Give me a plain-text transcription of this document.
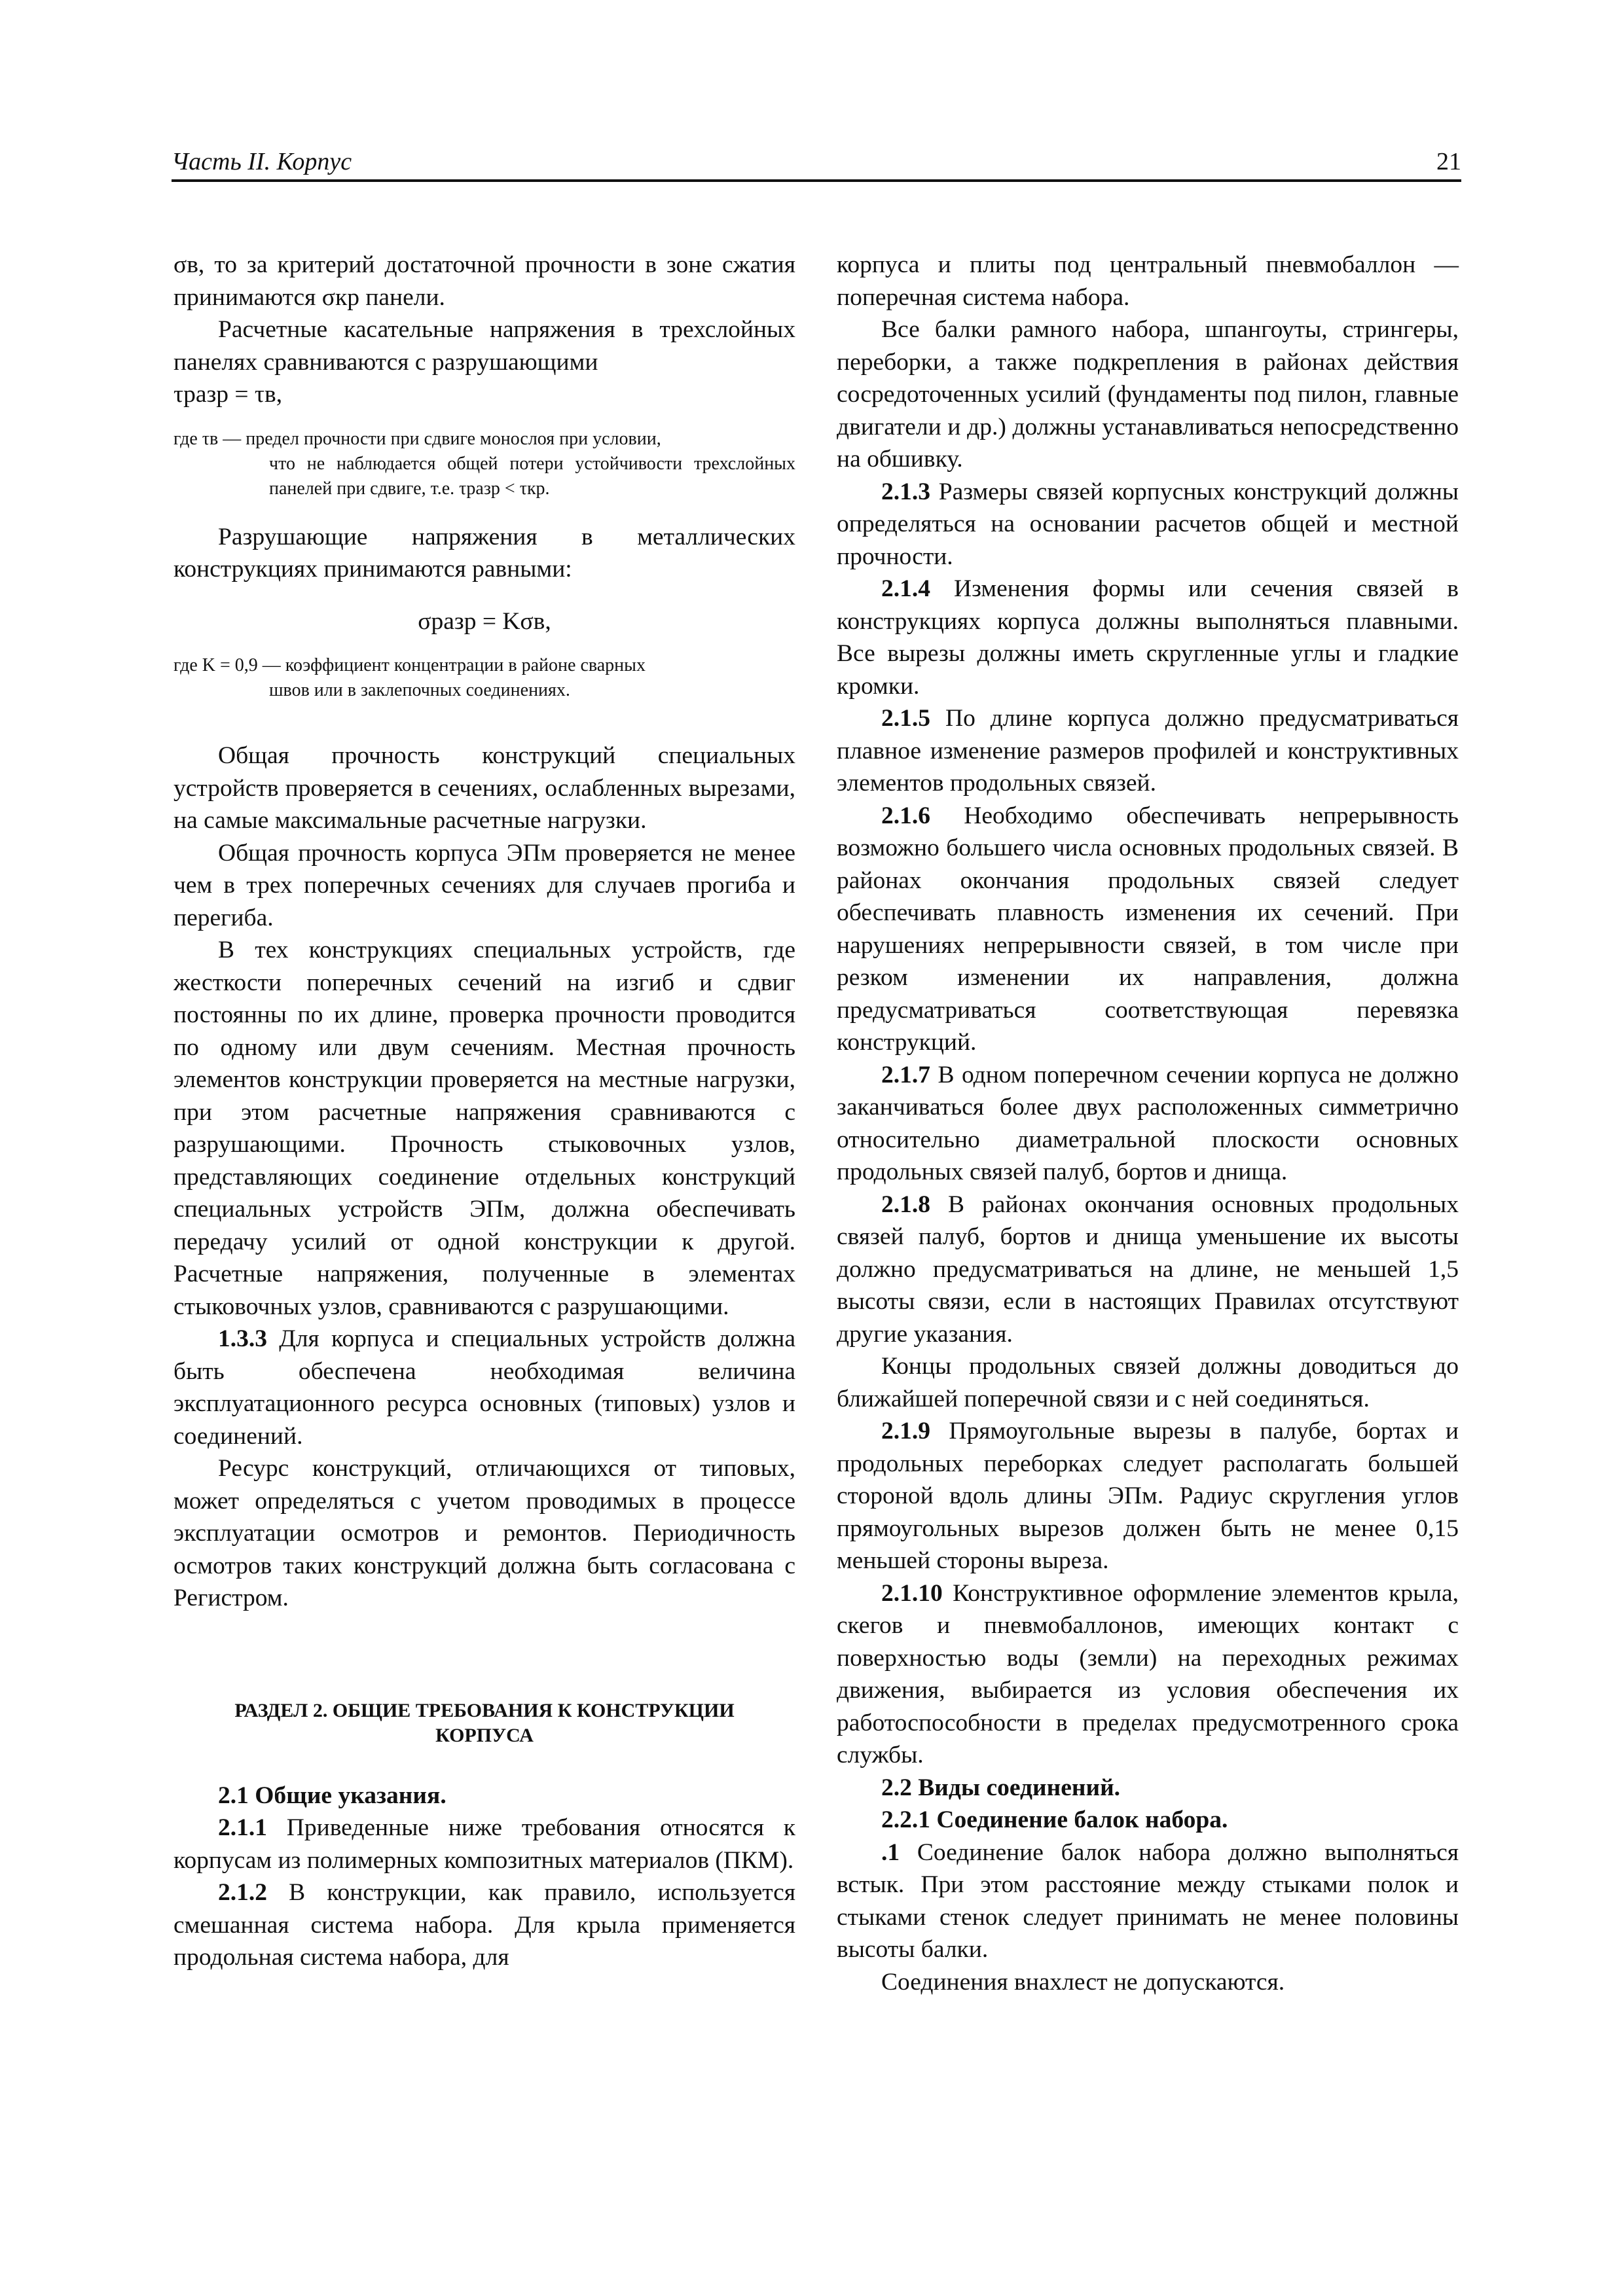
Часть II. Корпус	21

σв, то за критерий достаточной прочности в зоне сжатия принимаются σкр панели.

Расчетные касательные напряжения в трехслойных панелях сравниваются с разрушающими

τразр = τв,

где τв —
предел прочности при сдвиге монослоя при условии,
что не наблюдается общей потери устойчивости трехслойных панелей при сдвиге, т.е. τразр < τкр.

Разрушающие напряжения в металлических конструкциях принимаются равными:

σразр = Kσв,

где K = 0,9 —
коэффициент концентрации в районе сварных
швов или в заклепочных соединениях.

Общая прочность конструкций специальных устройств проверяется в сечениях, ослабленных вырезами, на самые максимальные расчетные нагрузки.

Общая прочность корпуса ЭПм проверяется не менее чем в трех поперечных сечениях для случаев прогиба и перегиба.

В тех конструкциях специальных устройств, где жесткости поперечных сечений на изгиб и сдвиг постоянны по их длине, проверка прочности проводится по одному или двум сечениям. Местная прочность элементов конструкции проверяется на местные нагрузки, при этом расчетные напряжения сравниваются с разрушающими. Прочность стыковочных узлов, представляющих соединение отдельных конструкций специальных устройств ЭПм, должна обеспечивать передачу усилий от одной конструкции к другой. Расчетные напряжения, полученные в элементах стыковочных узлов, сравниваются с разрушающими.

1.3.3 Для корпуса и специальных устройств должна быть обеспечена необходимая величина эксплуатационного ресурса основных (типовых) узлов и соединений.

Ресурс конструкций, отличающихся от типовых, может определяться с учетом проводимых в процессе эксплуатации осмотров и ремонтов. Периодичность осмотров таких конструкций должна быть согласована с Регистром.

РАЗДЕЛ 2. ОБЩИЕ ТРЕБОВАНИЯ К КОНСТРУКЦИИ
КОРПУСА

2.1 Общие указания.

2.1.1 Приведенные ниже требования относятся к корпусам из полимерных композитных материалов (ПКМ).

2.1.2 В конструкции, как правило, используется смешанная система набора. Для крыла применяется продольная система набора, для

корпуса и плиты под центральный пневмобаллон — поперечная система набора.

Все балки рамного набора, шпангоуты, стрингеры, переборки, а также подкрепления в районах действия сосредоточенных усилий (фундаменты под пилон, главные двигатели и др.) должны устанавливаться непосредственно на обшивку.

2.1.3 Размеры связей корпусных конструкций должны определяться на основании расчетов общей и местной прочности.

2.1.4 Изменения формы или сечения связей в конструкциях корпуса должны выполняться плавными. Все вырезы должны иметь скругленные углы и гладкие кромки.

2.1.5 По длине корпуса должно предусматриваться плавное изменение размеров профилей и конструктивных элементов продольных связей.

2.1.6 Необходимо обеспечивать непрерывность возможно большего числа основных продольных связей. В районах окончания продольных связей следует обеспечивать плавность изменения их сечений. При нарушениях непрерывности связей, в том числе при резком изменении их направления, должна предусматриваться соответствующая перевязка конструкций.

2.1.7 В одном поперечном сечении корпуса не должно заканчиваться более двух расположенных симметрично относительно диаметральной плоскости основных продольных связей палуб, бортов и днища.

2.1.8 В районах окончания основных продольных связей палуб, бортов и днища уменьшение их высоты должно предусматриваться на длине, не меньшей 1,5 высоты связи, если в настоящих Правилах отсутствуют другие указания.

Концы продольных связей должны доводиться до ближайшей поперечной связи и с ней соединяться.

2.1.9 Прямоугольные вырезы в палубе, бортах и продольных переборках следует располагать большей стороной вдоль длины ЭПм. Радиус скругления углов прямоугольных вырезов должен быть не менее 0,15 меньшей стороны выреза.

2.1.10 Конструктивное оформление элементов крыла, скегов и пневмобаллонов, имеющих контакт с поверхностью воды (земли) на переходных режимах движения, выбирается из условия обеспечения их работоспособности в пределах предусмотренного срока службы.

2.2 Виды соединений.

2.2.1 Соединение балок набора.

.1 Соединение балок набора должно выполняться встык. При этом расстояние между стыками полок и стыками стенок следует принимать не менее половины высоты балки.

Соединения внахлест не допускаются.
